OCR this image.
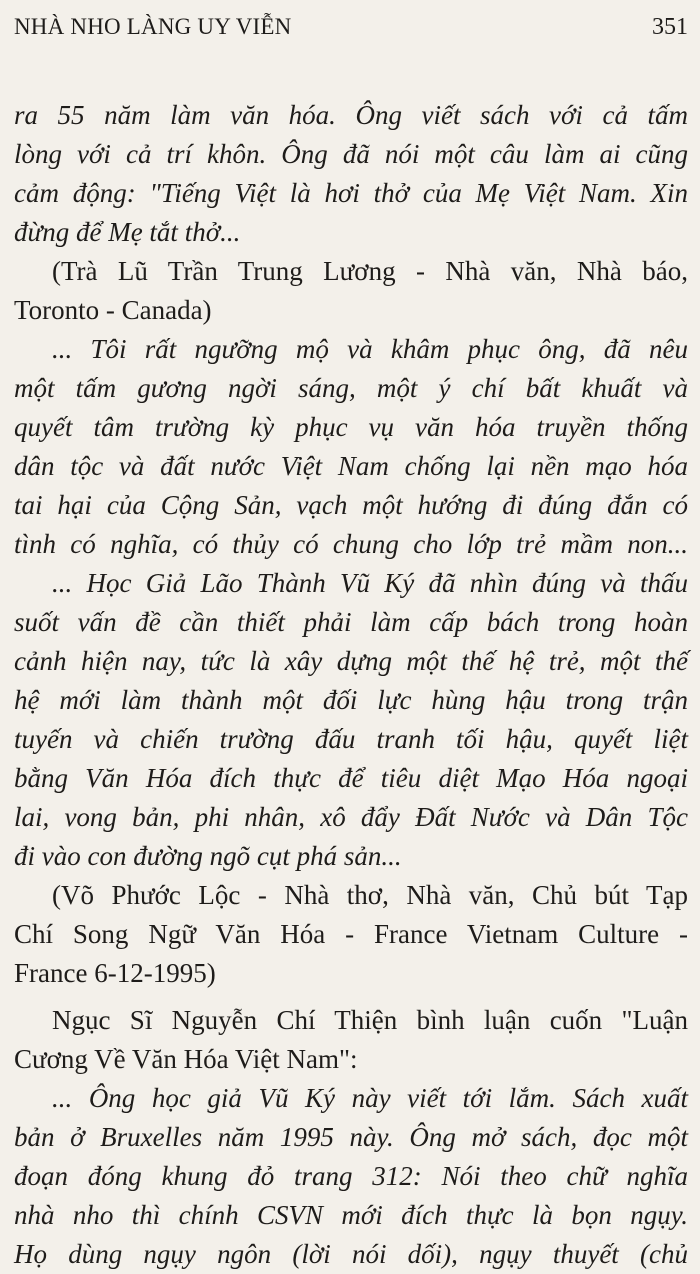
NHÀ NHO LÀNG UY VIỄN	351
ra 55 năm làm văn hóa. Ông viết sách với cả tấm
lòng với cả trí khôn. Ông đã nói một câu làm ai cũng
cảm động: "Tiếng Việt là hơi thở của Mẹ Việt Nam. Xin
đừng để Mẹ tắt thở...
(Trà Lũ Trần Trung Lương - Nhà văn, Nhà báo,
Toronto - Canada)
... Tôi rất ngưỡng mộ và khâm phục ông, đã nêu
một tấm gương ngời sáng, một ý chí bất khuất và
quyết tâm trường kỳ phục vụ văn hóa truyền thống
dân tộc và đất nước Việt Nam chống lại nền mạo hóa
tai hại của Cộng Sản, vạch một hướng đi đúng đắn có
tình có nghĩa, có thủy có chung cho lớp trẻ mầm non...
... Học Giả Lão Thành Vũ Ký đã nhìn đúng và thấu
suốt vấn đề cần thiết phải làm cấp bách trong hoàn
cảnh hiện nay, tức là xây dựng một thế hệ trẻ, một thế
hệ mới làm thành một đối lực hùng hậu trong trận
tuyến và chiến trường đấu tranh tối hậu, quyết liệt
bằng Văn Hóa đích thực để tiêu diệt Mạo Hóa ngoại
lai, vong bản, phi nhân, xô đẩy Đất Nước và Dân Tộc
đi vào con đường ngõ cụt phá sản...
(Võ Phước Lộc - Nhà thơ, Nhà văn, Chủ bút Tạp
Chí Song Ngữ Văn Hóa - France Vietnam Culture -
France 6-12-1995)
Ngục Sĩ Nguyễn Chí Thiện bình luận cuốn "Luận
Cương Về Văn Hóa Việt Nam":
... Ông học giả Vũ Ký này viết tới lắm. Sách xuất
bản ở Bruxelles năm 1995 này. Ông mở sách, đọc một
đoạn đóng khung đỏ trang 312: Nói theo chữ nghĩa
nhà nho thì chính CSVN mới đích thực là bọn ngụy.
Họ dùng ngụy ngôn (lời nói dối), ngụy thuyết (chủ
